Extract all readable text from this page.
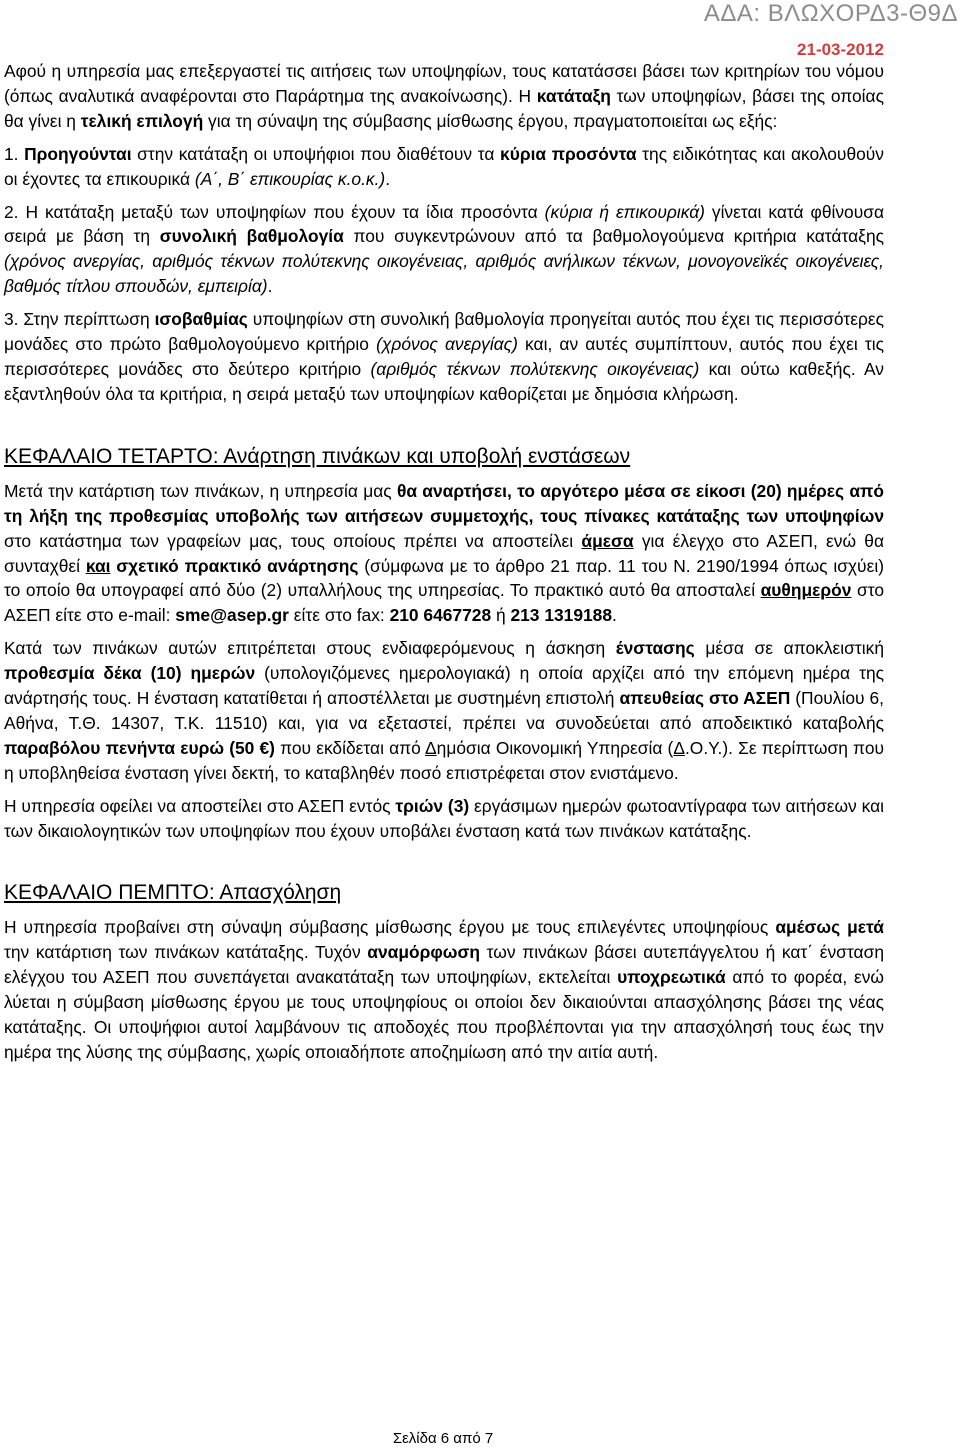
ΑΔΑ: ΒΛΩΧΟΡΔ3-Θ9Δ
21-03-2012

Αφού η υπηρεσία μας επεξεργαστεί τις αιτήσεις των υποψηφίων, τους κατατάσσει βάσει των κριτηρίων του νόμου (όπως αναλυτικά αναφέρονται στο Παράρτημα της ανακοίνωσης). Η κατάταξη των υποψηφίων, βάσει της οποίας θα γίνει η τελική επιλογή για τη σύναψη της σύμβασης μίσθωσης έργου, πραγματοποιείται ως εξής:

1. Προηγούνται στην κατάταξη οι υποψήφιοι που διαθέτουν τα κύρια προσόντα της ειδικότητας και ακολουθούν οι έχοντες τα επικουρικά (Α΄, Β΄ επικουρίας κ.ο.κ.).

2. Η κατάταξη μεταξύ των υποψηφίων που έχουν τα ίδια προσόντα (κύρια ή επικουρικά) γίνεται κατά φθίνουσα σειρά με βάση τη συνολική βαθμολογία που συγκεντρώνουν από τα βαθμολογούμενα κριτήρια κατάταξης (χρόνος ανεργίας, αριθμός τέκνων πολύτεκνης οικογένειας, αριθμός ανήλικων τέκνων, μονογονεϊκές οικογένειες, βαθμός τίτλου σπουδών, εμπειρία).

3. Στην περίπτωση ισοβαθμίας υποψηφίων στη συνολική βαθμολογία προηγείται αυτός που έχει τις περισσότερες μονάδες στο πρώτο βαθμολογούμενο κριτήριο (χρόνος ανεργίας) και, αν αυτές συμπίπτουν, αυτός που έχει τις περισσότερες μονάδες στο δεύτερο κριτήριο (αριθμός τέκνων πολύτεκνης οικογένειας) και ούτω καθεξής. Αν εξαντληθούν όλα τα κριτήρια, η σειρά μεταξύ των υποψηφίων καθορίζεται με δημόσια κλήρωση.

ΚΕΦΑΛΑΙΟ ΤΕΤΑΡΤΟ: Ανάρτηση πινάκων και υποβολή ενστάσεων

Μετά την κατάρτιση των πινάκων, η υπηρεσία μας θα αναρτήσει, το αργότερο μέσα σε είκοσι (20) ημέρες από τη λήξη της προθεσμίας υποβολής των αιτήσεων συμμετοχής, τους πίνακες κατάταξης των υποψηφίων στο κατάστημα των γραφείων μας, τους οποίους πρέπει να αποστείλει άμεσα για έλεγχο στο ΑΣΕΠ, ενώ θα συνταχθεί και σχετικό πρακτικό ανάρτησης (σύμφωνα με το άρθρο 21 παρ. 11 του Ν. 2190/1994 όπως ισχύει) το οποίο θα υπογραφεί από δύο (2) υπαλλήλους της υπηρεσίας. Το πρακτικό αυτό θα αποσταλεί αυθημερόν στο ΑΣΕΠ είτε στο e-mail: sme@asep.gr είτε στο fax: 210 6467728 ή 213 1319188.

Κατά των πινάκων αυτών επιτρέπεται στους ενδιαφερόμενους η άσκηση ένστασης μέσα σε αποκλειστική προθεσμία δέκα (10) ημερών (υπολογιζόμενες ημερολογιακά) η οποία αρχίζει από την επόμενη ημέρα της ανάρτησής τους. Η ένσταση κατατίθεται ή αποστέλλεται με συστημένη επιστολή απευθείας στο ΑΣΕΠ (Πουλίου 6, Αθήνα, Τ.Θ. 14307, Τ.Κ. 11510) και, για να εξεταστεί, πρέπει να συνοδεύεται από αποδεικτικό καταβολής παραβόλου πενήντα ευρώ (50 €) που εκδίδεται από Δημόσια Οικονομική Υπηρεσία (Δ.Ο.Υ.). Σε περίπτωση που η υποβληθείσα ένσταση γίνει δεκτή, το καταβληθέν ποσό επιστρέφεται στον ενιστάμενο.

Η υπηρεσία οφείλει να αποστείλει στο ΑΣΕΠ εντός τριών (3) εργάσιμων ημερών φωτοαντίγραφα των αιτήσεων και των δικαιολογητικών των υποψηφίων που έχουν υποβάλει ένσταση κατά των πινάκων κατάταξης.

ΚΕΦΑΛΑΙΟ ΠΕΜΠΤΟ: Απασχόληση

Η υπηρεσία προβαίνει στη σύναψη σύμβασης μίσθωσης έργου με τους επιλεγέντες υποψηφίους αμέσως μετά την κατάρτιση των πινάκων κατάταξης. Τυχόν αναμόρφωση των πινάκων βάσει αυτεπάγγελτου ή κατ΄ ένσταση ελέγχου του ΑΣΕΠ που συνεπάγεται ανακατάταξη των υποψηφίων, εκτελείται υποχρεωτικά από το φορέα, ενώ λύεται η σύμβαση μίσθωσης έργου με τους υποψηφίους οι οποίοι δεν δικαιούνται απασχόλησης βάσει της νέας κατάταξης. Οι υποψήφιοι αυτοί λαμβάνουν τις αποδοχές που προβλέπονται για την απασχόλησή τους έως την ημέρα της λύσης της σύμβασης, χωρίς οποιαδήποτε αποζημίωση από την αιτία αυτή.

Σελίδα 6 από 7
